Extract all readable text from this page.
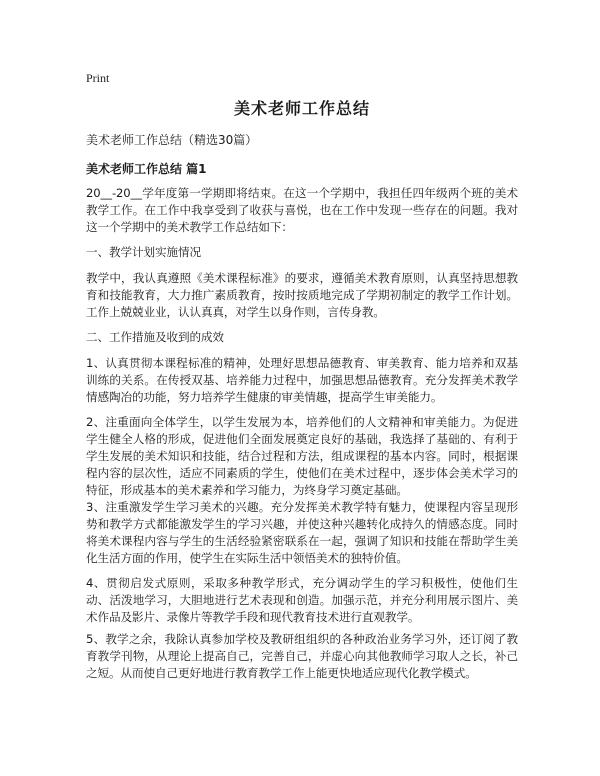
Print
美术老师工作总结
美术老师工作总结（精选30篇）
美术老师工作总结 篇1

20__-20__学年度第一学期即将结束。在这一个学期中，我担任四年级两个班的美术教学工作。在工作中我享受到了收获与喜悦，也在工作中发现一些存在的问题。我对这一个学期中的美术教学工作总结如下：

一、教学计划实施情况

教学中，我认真遵照《美术课程标准》的要求，遵循美术教育原则，认真坚持思想教育和技能教育，大力推广素质教育，按时按质地完成了学期初制定的教学工作计划。工作上兢兢业业，认认真真，对学生以身作则，言传身教。

二、工作措施及收到的成效

1、认真贯彻本课程标准的精神，处理好思想品德教育、审美教育、能力培养和双基训练的关系。在传授双基、培养能力过程中，加强思想品德教育。充分发挥美术教学情感陶冶的功能，努力培养学生健康的审美情趣，提高学生审美能力。

2、注重面向全体学生，以学生发展为本，培养他们的人文精神和审美能力。为促进学生健全人格的形成，促进他们全面发展奠定良好的基础，我选择了基础的、有利于学生发展的美术知识和技能，结合过程和方法，组成课程的基本内容。同时，根据课程内容的层次性，适应不同素质的学生，使他们在美术过程中，逐步体会美术学习的特征，形成基本的美术素养和学习能力，为终身学习奠定基础。

3、注重激发学生学习美术的兴趣。充分发挥美术教学特有魅力，使课程内容呈现形势和教学方式都能激发学生的学习兴趣，并使这种兴趣转化成持久的情感态度。同时将美术课程内容与学生的生活经验紧密联系在一起，强调了知识和技能在帮助学生美化生活方面的作用，使学生在实际生活中领悟美术的独特价值。

4、贯彻启发式原则，采取多种教学形式，充分调动学生的学习积极性，使他们生动、活泼地学习，大胆地进行艺术表现和创造。加强示范，并充分利用展示图片、美术作品及影片、录像片等教学手段和现代教育技术进行直观教学。

5、教学之余，我除认真参加学校及教研组组织的各种政治业务学习外，还订阅了教育教学刊物，从理论上提高自己，完善自己，并虚心向其他教师学习取人之长，补己之短。从而使自己更好地进行教育教学工作上能更快地适应现代化教学模式。
